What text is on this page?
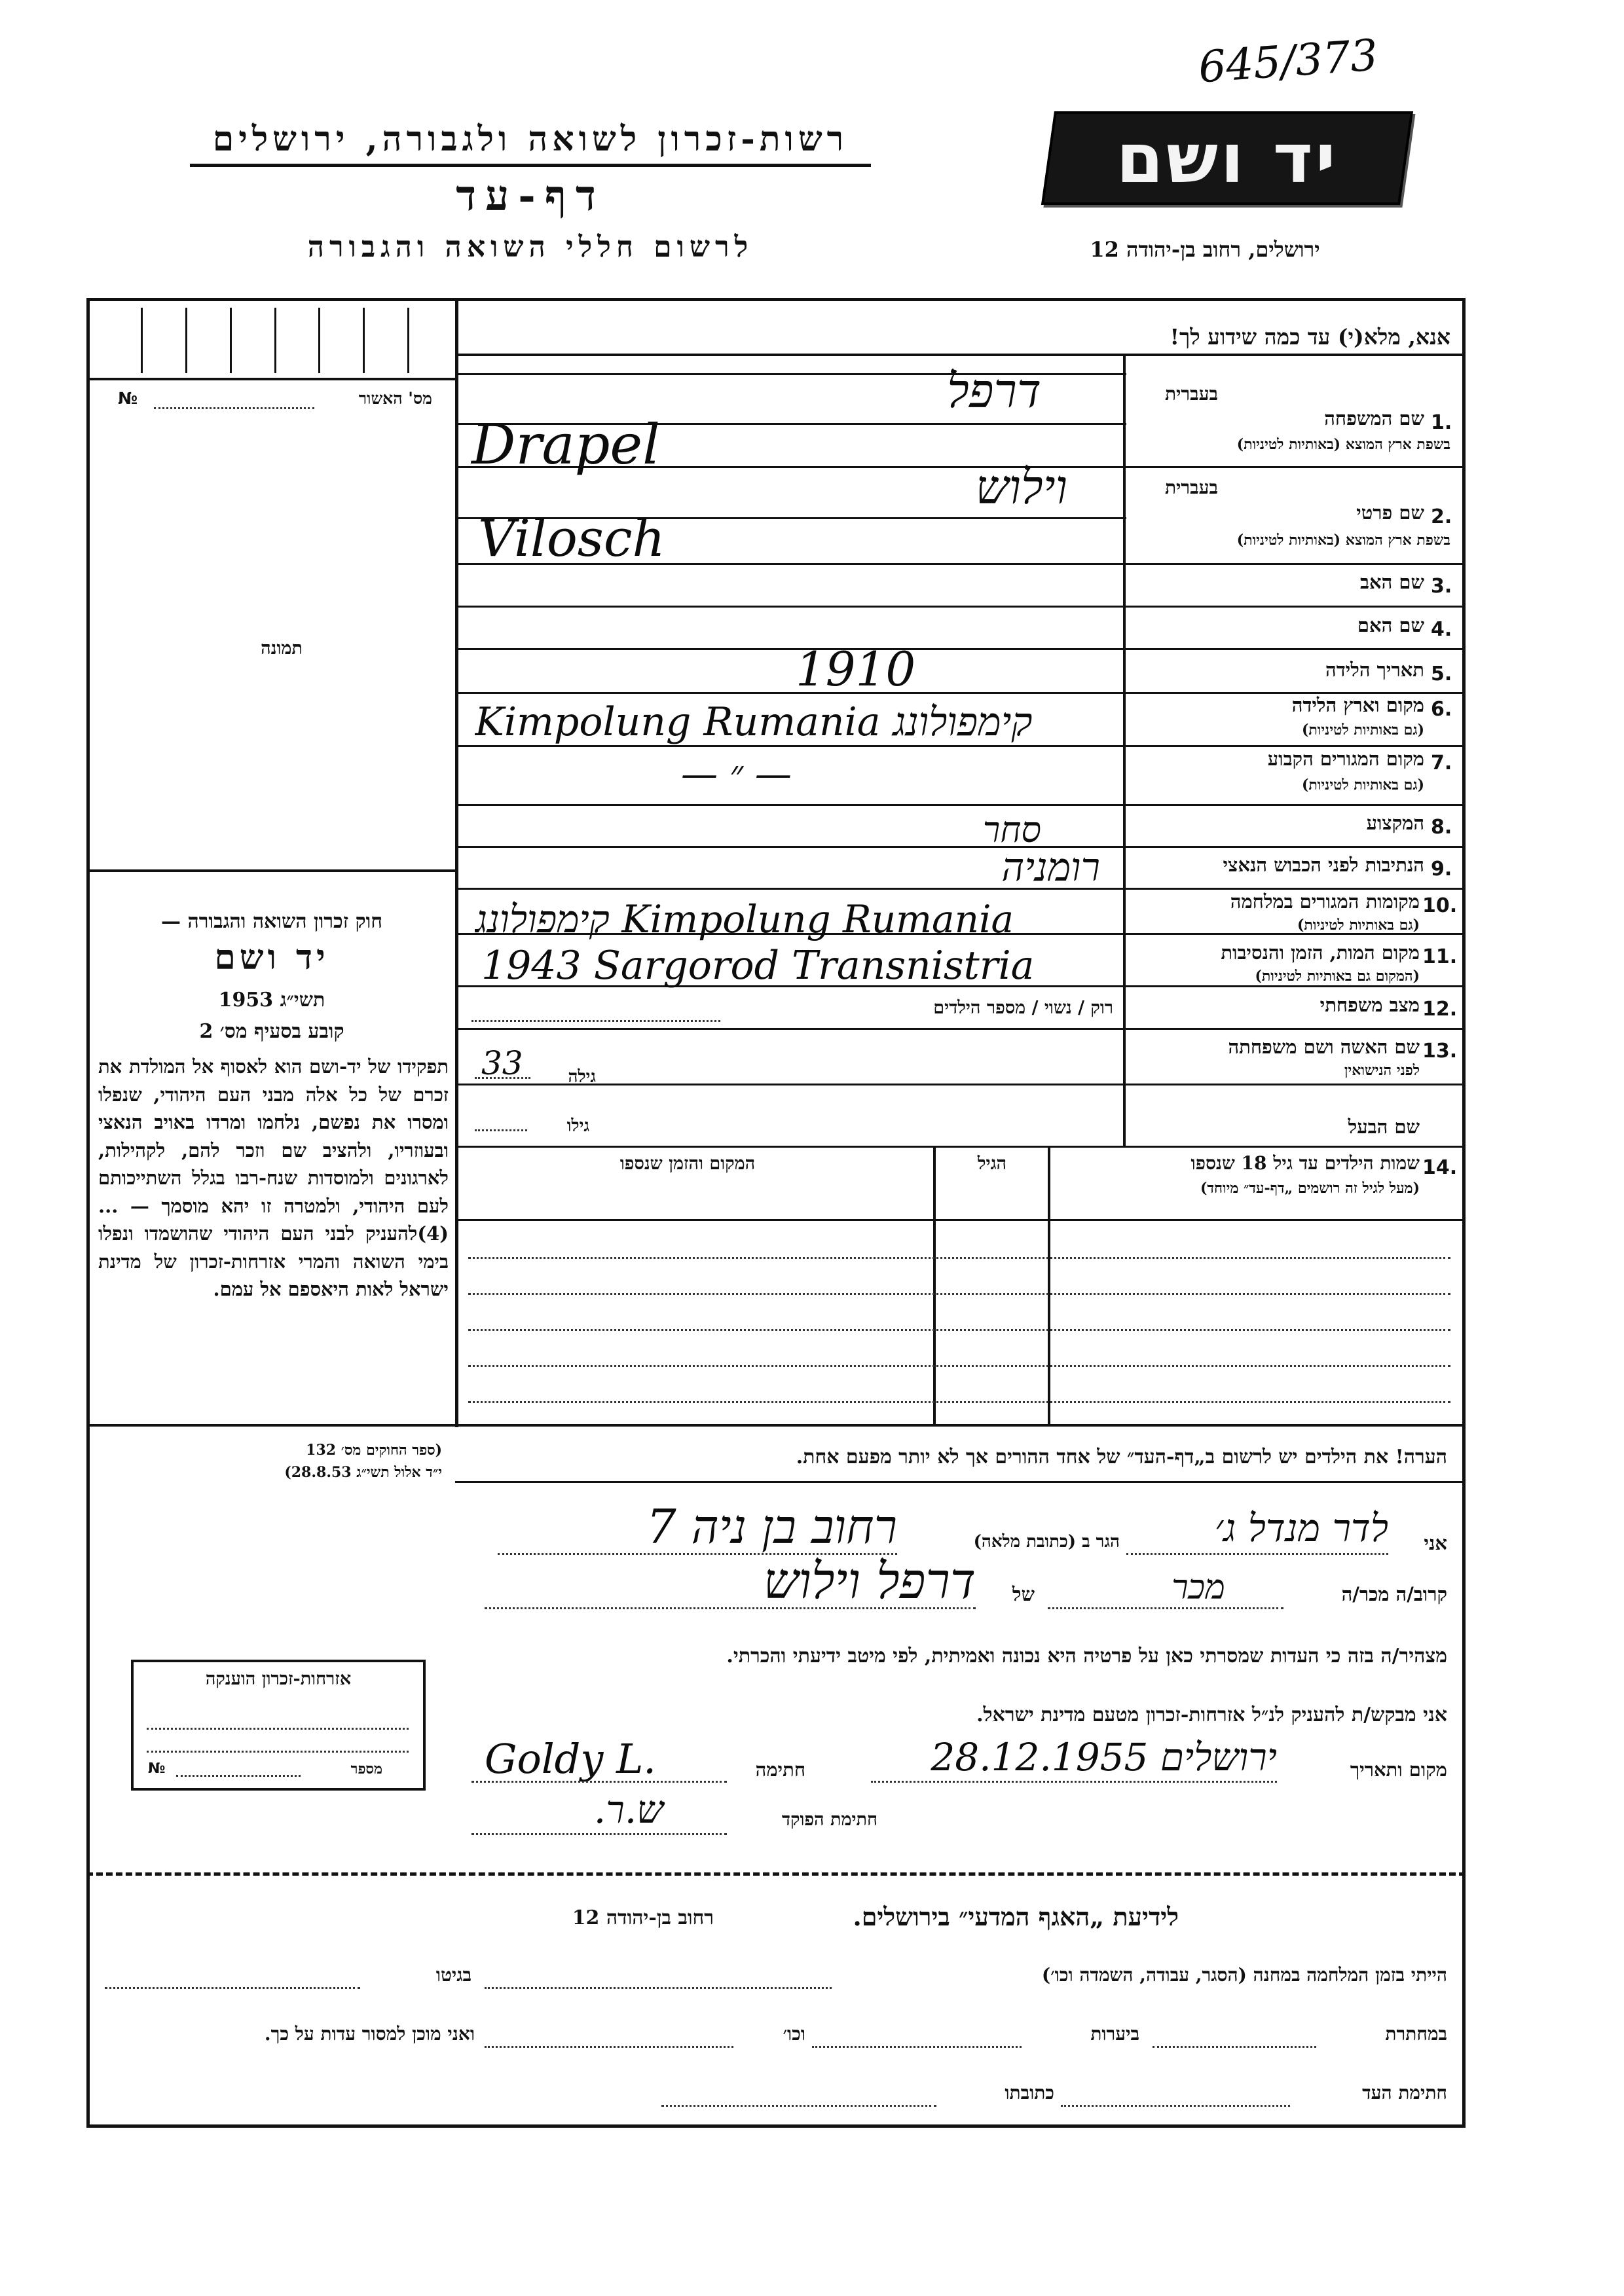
645/373
יד ושם
רשות-זכרון לשואה ולגבורה, ירושלים
דף-עד
לרשום חללי השואה והגבורה	ירושלים, רחוב בן-יהודה 12
אנא, מלא(י) עד כמה שידוע לך!
מס' האשור
№
תמונה
בעברית
1.
שם המשפחה
בשפת ארץ המוצא (באותיות לטיניות)
דרפל
Drapel
בעברית
2.
שם פרטי
בשפת ארץ המוצא (באותיות לטיניות)
וילוש
Vilosch
3.
שם האב
4.
שם האם
5.
תאריך הלידה
1910
6.
מקום וארץ הלידה
(גם באותיות לטיניות)
קימפולונג Kimpolung Rumania
7.
מקום המגורים הקבוע
(גם באותיות לטיניות)
— ״ —
8.
המקצוע
סחר
9.
הנתיבות לפני הכבוש הנאצי
רומניה
10.
מקומות המגורים במלחמה
(גם באותיות לטיניות)
Kimpolung Rumania קימפולונג
11.
מקום המות, הזמן והנסיבות
(המקום גם באותיות לטיניות)
1943 Sargorod Transnistria
12.
מצב משפחתי
רוק / נשוי / מספר הילדים
13.
שם האשה ושם משפחתה
לפני הנישואין
גילה
33
שם הבעל
גילו
14.
שמות הילדים עד גיל 18 שנספו
(מעל לגיל זה רושמים „דף-עד״ מיוחד)
הגיל
המקום והזמן שנספו
חוק זכרון השואה והגבורה —
יד ושם
תשי״ג 1953
קובע בסעיף מס׳ 2
תפקידו של יד-ושם הוא לאסוף אל המולדת את זכרם של כל אלה מבני העם היהודי, שנפלו ומסרו את נפשם, נלחמו ומרדו באויב הנאצי ובעוזריו, ולהציב שם וזכר להם, לקהילות, לארגונים ולמוסדות שנח-רבו בגלל השתייכותם לעם היהודי, ולמטרה זו יהא מוסמך — ...(4)להעניק לבני העם היהודי שהושמדו ונפלו בימי השואה והמרי אזרחות-זכרון של מדינת ישראל לאות היאספם אל עמם.
(ספר החוקים מס׳ 132
י״ד אלול תשי״ג 28.8.53)
הערה! את הילדים יש לרשום ב„דף-העד״ של אחד ההורים אך לא יותר מפעם אחת.
אני
לדר מנדל ג׳
הגר ב (כתובת מלאה)
רחוב בן ניה 7
קרוב/ה מכר/ה
מכר
של
דרפל וילוש
מצהיר/ה בזה כי העדות שמסרתי כאן על פרטיה היא נכונה ואמיתית, לפי מיטב ידיעתי והכרתי.
אני מבקש/ת להעניק לנ״ל אזרחות-זכרון מטעם מדינת ישראל.
מקום ותאריך
ירושלים 28.12.1955
חתימה
Goldy L.
חתימת הפוקד
ש.ר.
אזרחות-זכרון הוענקה
מספר
№
לידיעת „האגף המדעי״ בירושלים.
רחוב בן-יהודה 12
הייתי בזמן המלחמה במחנה (הסגר, עבודה, השמדה וכו׳)
בגיטו
במחתרת
ביערות
וכו׳
ואני מוכן למסור עדות על כך.
חתימת העד
כתובתו
